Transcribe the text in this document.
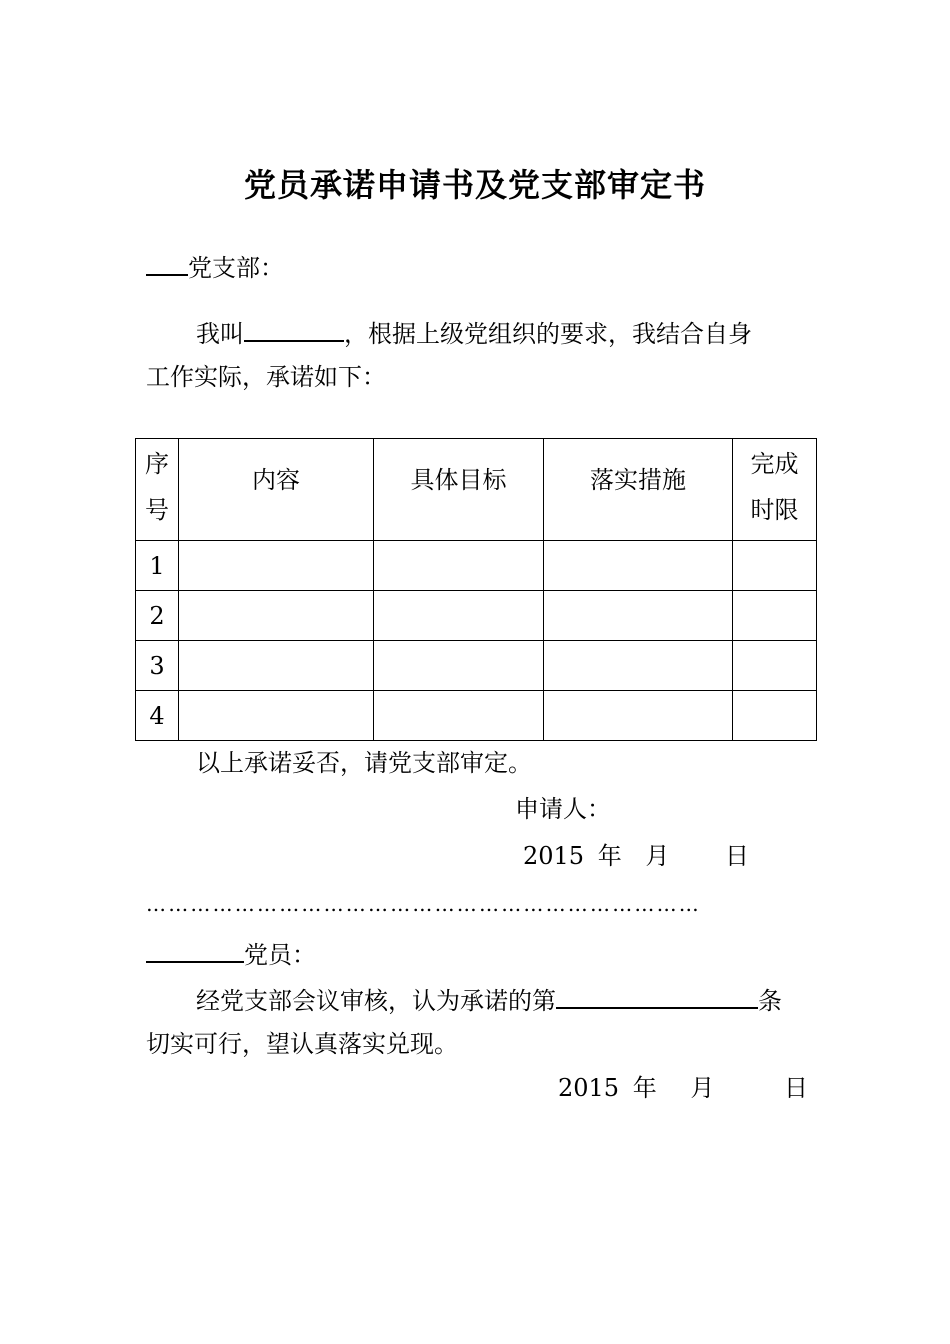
党员承诺申请书及党支部审定书
党支部：
我叫	，根据上级党组织的要求，我结合自身
工作实际，承诺如下：
序
号	内容	具体目标	落实措施	完成
时限
1				
2				
3				
4				
以上承诺妥否，请党支部审定。
申请人：
2015 年 月 日
…………………………………………………………………
党员：
经党支部会议审核，认为承诺的第	条
切实可行，望认真落实兑现。
2015 年 月	日
